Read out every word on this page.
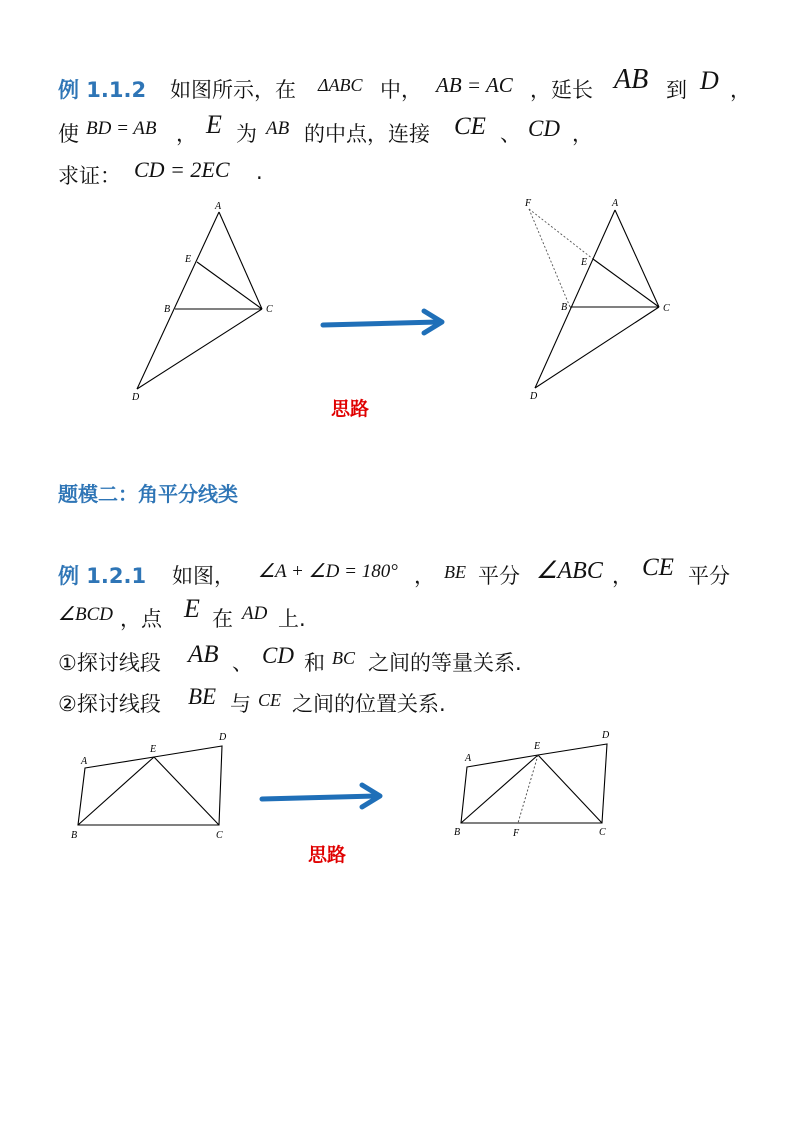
例 1.1.2 如图所示，在 ΔABC 中， AB = AC ，延长 AB 到 D ，
使 BD = AB ， E 为 AB 的中点，连接 CE 、 CD ，
求证： CD = 2EC .
A
E
B	C
D
思路
F	A
E
B	C
D
题模二：角平分线类
例 1.2.1 如图， ∠A + ∠D = 180° ， BE 平分 ∠ABC ， CE 平分
∠BCD ，点 E 在 AD 上.
①探讨线段 AB 、 CD 和 BC 之间的等量关系.
②探讨线段 BE 与 CE 之间的位置关系.
A
E
D
B	C
思路
A
E
D
B	F	C
